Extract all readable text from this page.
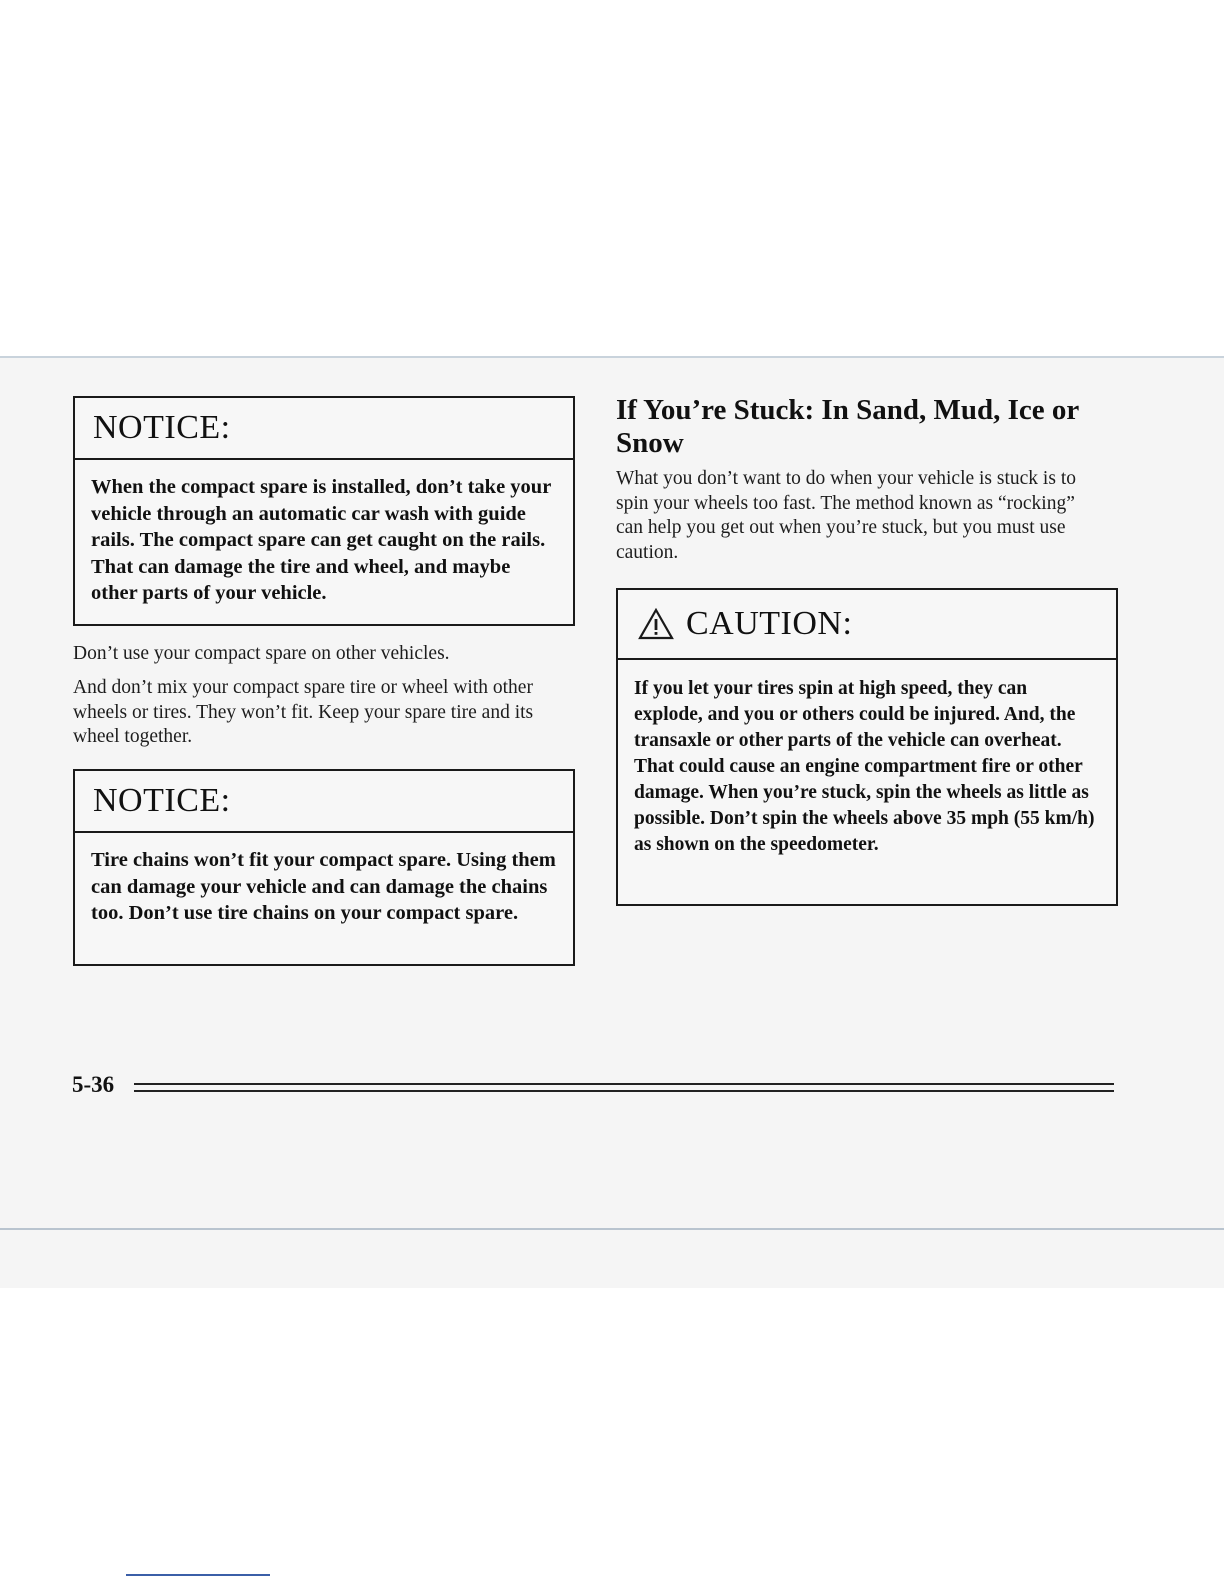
NOTICE:
When the compact spare is installed, don’t take your vehicle through an automatic car wash with guide rails. The compact spare can get caught on the rails. That can damage the tire and wheel, and maybe other parts of your vehicle.
Don’t use your compact spare on other vehicles.
And don’t mix your compact spare tire or wheel with other wheels or tires. They won’t fit. Keep your spare tire and its wheel together.
NOTICE:
Tire chains won’t fit your compact spare. Using them can damage your vehicle and can damage the chains too. Don’t use tire chains on your compact spare.
If You’re Stuck: In Sand, Mud, Ice or Snow
What you don’t want to do when your vehicle is stuck is to spin your wheels too fast. The method known as “rocking” can help you get out when you’re stuck, but you must use caution.
CAUTION:
If you let your tires spin at high speed, they can explode, and you or others could be injured. And, the transaxle or other parts of the vehicle can overheat. That could cause an engine compartment fire or other damage. When you’re stuck, spin the wheels as little as possible. Don’t spin the wheels above 35 mph (55 km/h) as shown on the speedometer.
5-36
